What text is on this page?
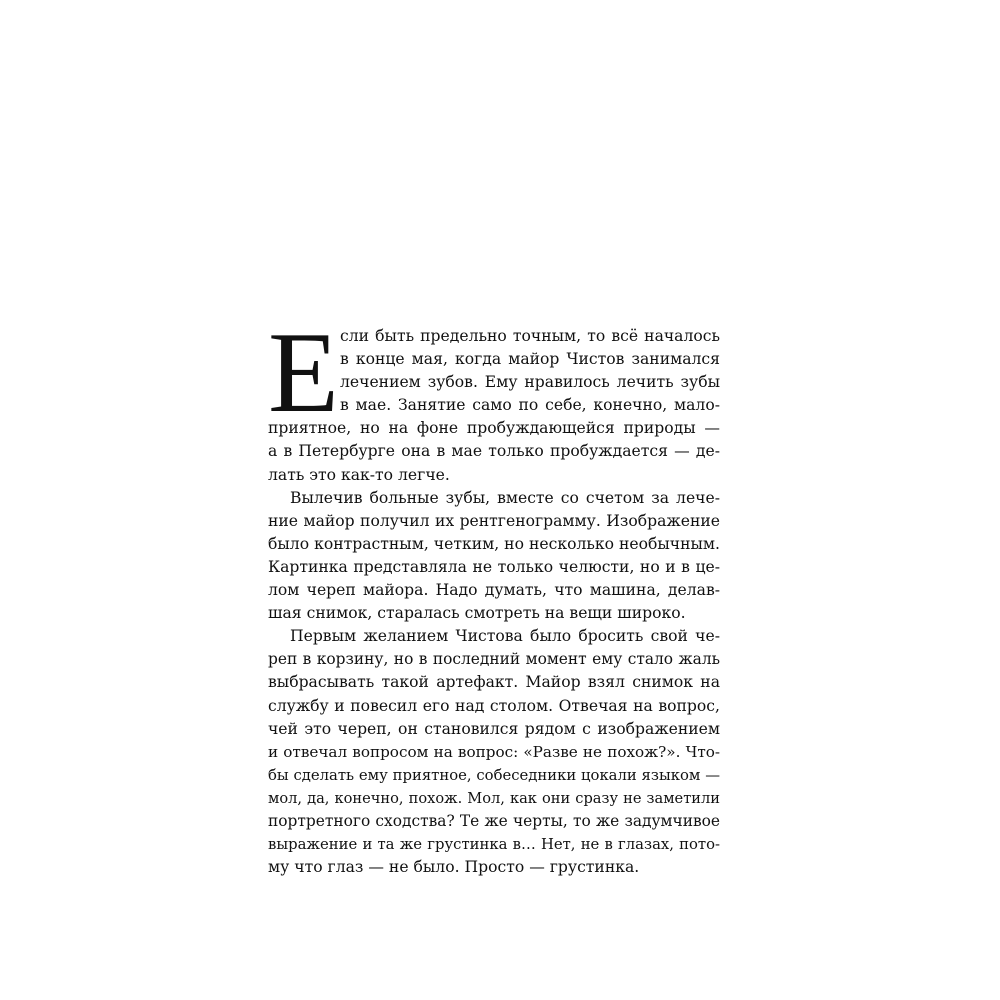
Е сли быть предельно точным, то всё началось
в конце мая, когда майор Чистов занимался
лечением зубов. Ему нравилось лечить зубы
в мае. Занятие само по себе, конечно, мало-
приятное, но на фоне пробуждающейся природы —
а в Петербурге она в мае только пробуждается — де-
лать это как-то легче.
Вылечив больные зубы, вместе со счетом за лече-
ние майор получил их рентгенограмму. Изображение
было контрастным, четким, но несколько необычным.
Картинка представляла не только челюсти, но и в це-
лом череп майора. Надо думать, что машина, делав-
шая снимок, старалась смотреть на вещи широко.
Первым желанием Чистова было бросить свой че-
реп в корзину, но в последний момент ему стало жаль
выбрасывать такой артефакт. Майор взял снимок на
службу и повесил его над столом. Отвечая на вопрос,
чей это череп, он становился рядом с изображением
и отвечал вопросом на вопрос: «Разве не похож?». Что-
бы сделать ему приятное, собеседники цокали языком —
мол, да, конечно, похож. Мол, как они сразу не заметили
портретного сходства? Те же черты, то же задумчивое
выражение и та же грустинка в… Нет, не в глазах, пото-
му что глаз — не было. Просто — грустинка.
